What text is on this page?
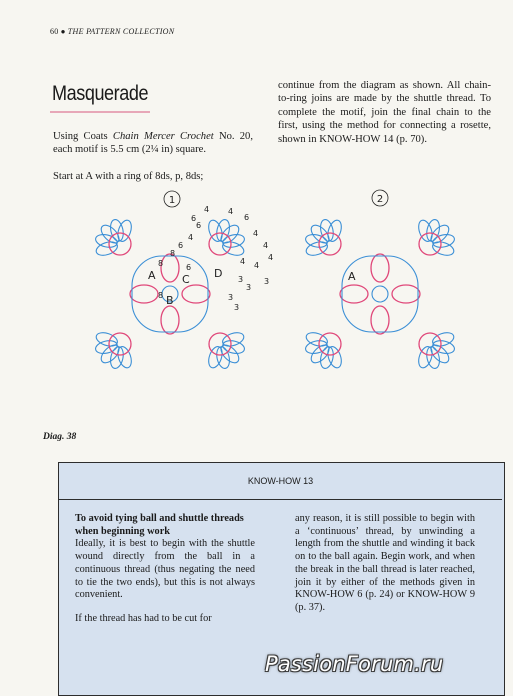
60 ● THE PATTERN COLLECTION
Masquerade

Using Coats Chain Mercer Crochet No. 20, each motif is 5.5 cm (2¼ in) square.

Start at A with a ring of 8ds, p, 8ds;

continue from the diagram as shown. All chain-to-ring joins are made by the shuttle thread. To complete the motif, join the final chain to the first, using the method for connecting a rosette, shown in KNOW-HOW 14 (p. 70).

1	2
A
B
C D	A
6
4 4
6
6
4
6
4
4
8
8
4 4
3
3
8
3
3
6
4
3
Diag. 38
KNOW-HOW 13

To avoid tying ball and shuttle threads when beginning work

Ideally, it is best to begin with the shuttle wound directly from the ball in a continuous thread (thus negating the need to tie the two ends), but this is not always convenient.

If the thread has had to be cut for

any reason, it is still possible to begin with a ‘continuous’ thread, by unwinding a length from the shuttle and winding it back on to the ball again. Begin work, and when the break in the ball thread is later reached, join it by either of the methods given in KNOW-HOW 6 (p. 24) or KNOW-HOW 9 (p. 37).

PassionForum.ru
